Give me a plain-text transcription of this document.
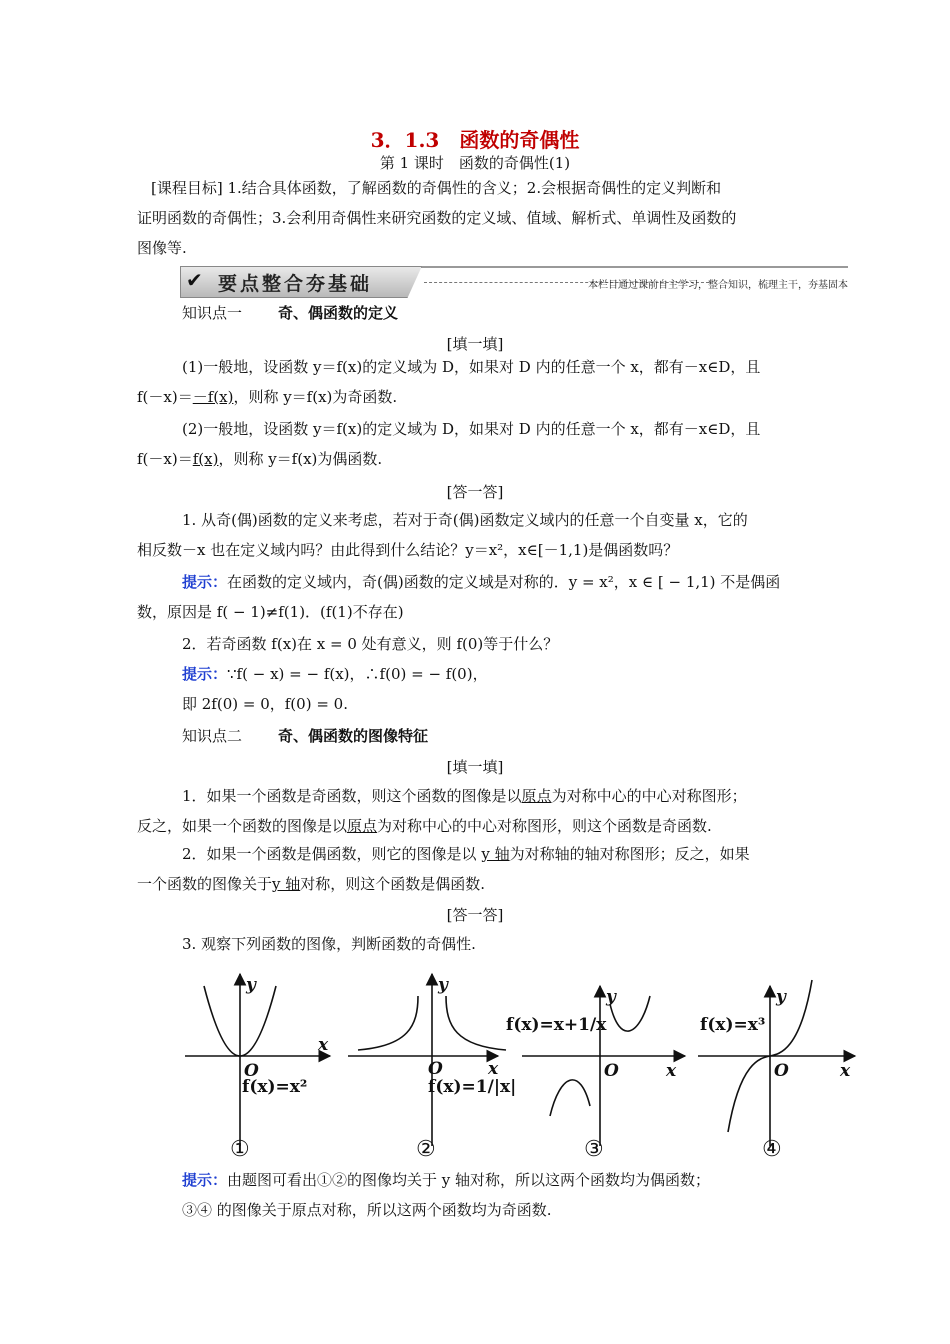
3．1.3　函数的奇偶性
第 1 课时　函数的奇偶性(1)
[课程目标] 1.结合具体函数，了解函数的奇偶性的含义；2.会根据奇偶性的定义判断和
证明函数的奇偶性；3.会利用奇偶性来研究函数的定义域、值域、解析式、单调性及函数的
图像等.
✔ 要点整合夯基础	本栏目通过课前自主学习，整合知识，梳理主干，夯基固本
知识点一 奇、偶函数的定义
[填一填]
(1)一般地，设函数 y＝f(x)的定义域为 D，如果对 D 内的任意一个 x，都有－x∈D，且
f(－x)＝－f(x)，则称 y＝f(x)为奇函数.
(2)一般地，设函数 y＝f(x)的定义域为 D，如果对 D 内的任意一个 x，都有－x∈D，且
f(－x)＝f(x)，则称 y＝f(x)为偶函数.
[答一答]
1. 从奇(偶)函数的定义来考虑，若对于奇(偶)函数定义域内的任意一个自变量 x，它的
相反数－x 也在定义域内吗？由此得到什么结论？y＝x²，x∈[－1,1)是偶函数吗？
提示：在函数的定义域内，奇(偶)函数的定义域是对称的．y = x²，x ∈ [ − 1,1) 不是偶函
数，原因是 f( − 1)≠f(1)．(f(1)不存在)
2．若奇函数 f(x)在 x = 0 处有意义，则 f(0)等于什么？
提示：∵f( − x) = − f(x)，∴f(0) = − f(0)，
即 2f(0) = 0，f(0) = 0.
知识点二 奇、偶函数的图像特征
[填一填]
1．如果一个函数是奇函数，则这个函数的图像是以原点为对称中心的中心对称图形；
反之，如果一个函数的图像是以原点为对称中心的中心对称图形，则这个函数是奇函数.
2．如果一个函数是偶函数，则它的图像是以 y 轴为对称轴的轴对称图形；反之，如果
一个函数的图像关于y 轴对称，则这个函数是偶函数.
[答一答]
3. 观察下列函数的图像，判断函数的奇偶性.
y
x
O
y
x
O
y
x
O
y
x
O
f(x)=x²	f(x)=1/|x|
f(x)=x+1/x	f(x)=x³
①	②	③	④
提示：由题图可看出①②的图像均关于 y 轴对称，所以这两个函数均为偶函数；
③④ 的图像关于原点对称，所以这两个函数均为奇函数.
